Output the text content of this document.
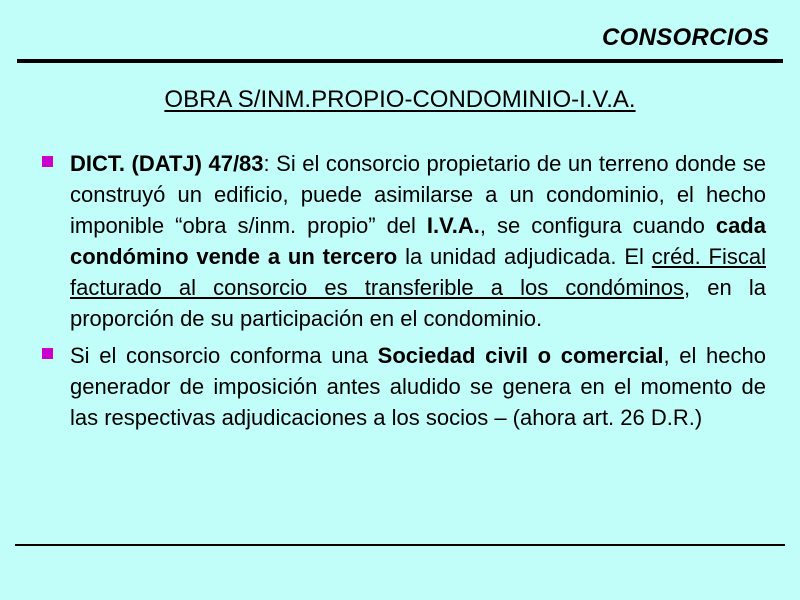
CONSORCIOS
OBRA S/INM.PROPIO-CONDOMINIO-I.V.A.
DICT. (DATJ) 47/83: Si el consorcio propietario de un terreno donde se construyó un edificio, puede asimilarse a un condominio, el hecho imponible “obra s/inm. propio” del I.V.A., se configura cuando cada condómino vende a un tercero la unidad adjudicada. El créd. Fiscal facturado al consorcio es transferible a los condóminos, en la proporción de su participación en el condominio.
Si el consorcio conforma una Sociedad civil o comercial, el hecho generador de imposición antes aludido se genera en el momento de las respectivas adjudicaciones a los socios – (ahora art. 26 D.R.)
